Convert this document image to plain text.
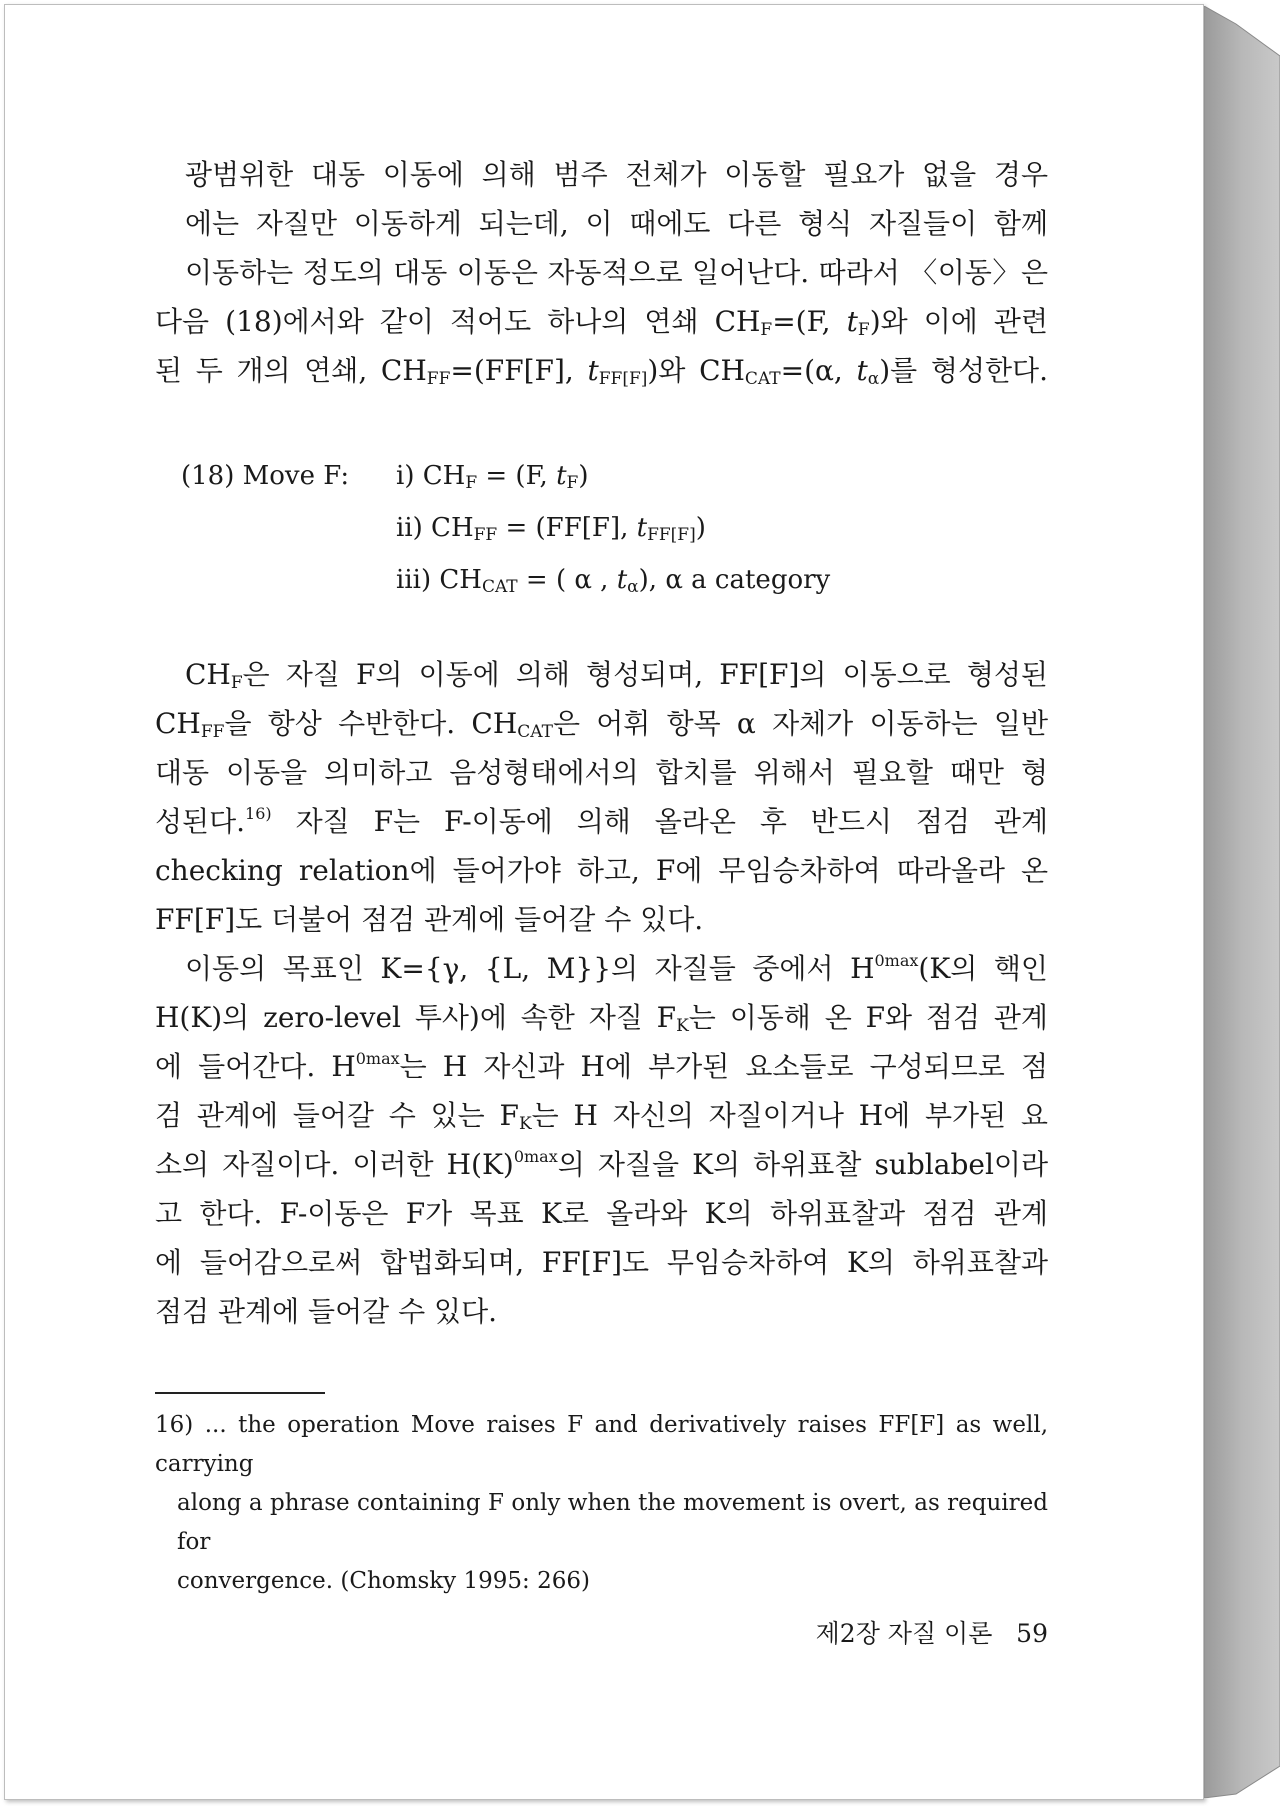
광범위한 대동 이동에 의해 범주 전체가 이동할 필요가 없을 경우
에는 자질만 이동하게 되는데, 이 때에도 다른 형식 자질들이 함께
이동하는 정도의 대동 이동은 자동적으로 일어난다. 따라서 〈이동〉은
다음 (18)에서와 같이 적어도 하나의 연쇄 $CH_F=(F$, $t_F$)와 이에 관련
된 두 개의 연쇄, $CH_{FF}=(FF[F]$, $t_{FF[F]}$)와 $CH_{CAT}=(\alpha$, $t_\alpha$)를 형성한다.
(18) Move F:	i) $CH_F = (F$, $t_F$)
ii) $CH_{FF} = (FF[F]$, $t_{FF[F]}$)
iii) $CH_{CAT}$ = ( α , $t_\alpha$), α a category
$CH_F$은 자질 F의 이동에 의해 형성되며, FF[F]의 이동으로 형성된
$CH_{FF}$을 항상 수반한다. $CH_{CAT}$은 어휘 항목 α 자체가 이동하는 일반
대동 이동을 의미하고 음성형태에서의 합치를 위해서 필요할 때만 형
성된다.$^{16)}$ 자질 F는 F-이동에 의해 올라온 후 반드시 점검 관계
checking relation에 들어가야 하고, F에 무임승차하여 따라올라 온
FF[F]도 더불어 점검 관계에 들어갈 수 있다.
이동의 목표인 K={γ, {L, M}}의 자질들 중에서 $H^{0max}(K$의 핵인
H(K)의 zero-level 투사)에 속한 자질 $F_K$는 이동해 온 F와 점검 관계
에 들어간다. $H^{0max}$는 H 자신과 H에 부가된 요소들로 구성되므로 점
검 관계에 들어갈 수 있는 $F_K$는 H 자신의 자질이거나 H에 부가된 요
소의 자질이다. 이러한 $H(K)^{0max}$의 자질을 K의 하위표찰 sublabel이라
고 한다. F-이동은 F가 목표 K로 올라와 K의 하위표찰과 점검 관계
에 들어감으로써 합법화되며, FF[F]도 무임승차하여 K의 하위표찰과
점검 관계에 들어갈 수 있다.
16) ... the operation Move raises F and derivatively raises FF[F] as well, carrying
along a phrase containing F only when the movement is overt, as required for
convergence. (Chomsky 1995: 266)
제2장 자질 이론   59
